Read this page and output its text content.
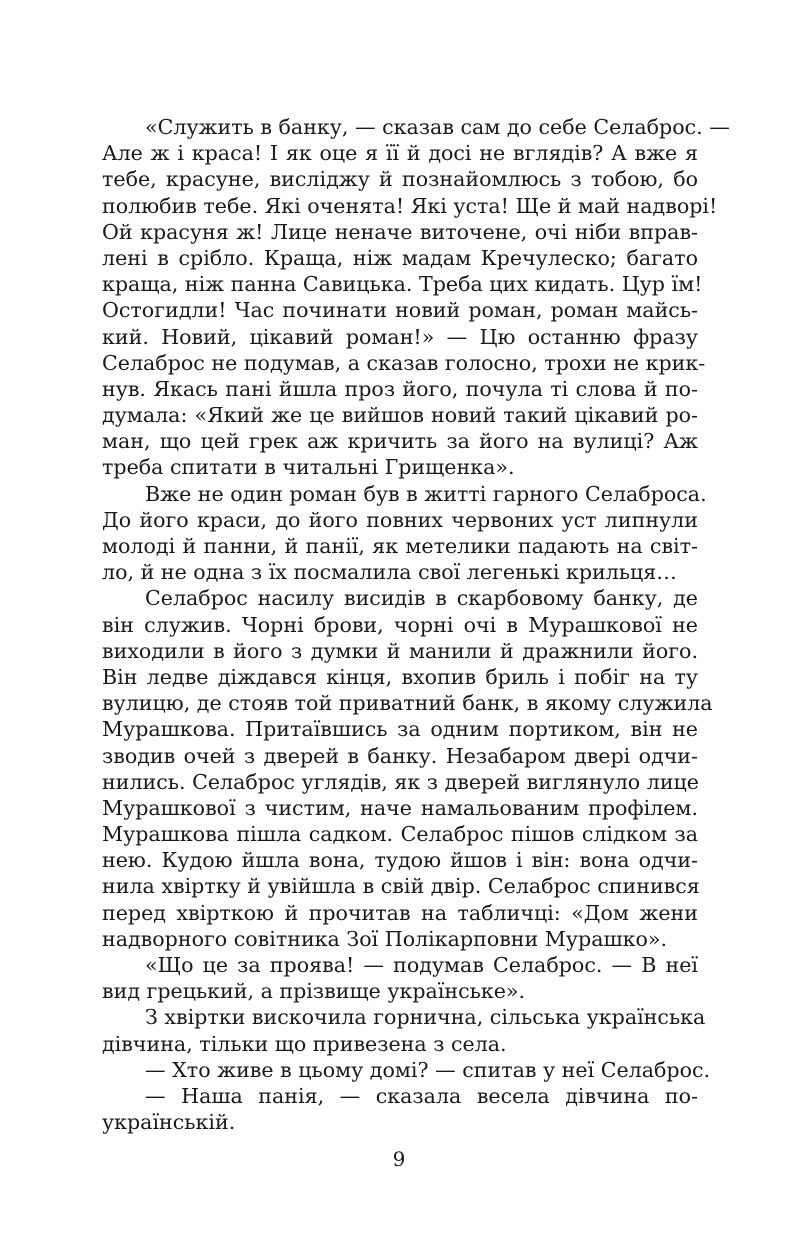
«Служить в банку, — сказав сам до себе Селаброс. —
Але ж і краса! І як оце я її й досі не вглядів? А вже я
тебе, красуне, висліджу й познайомлюсь з тобою, бо
полюбив тебе. Які оченята! Які уста! Ще й май надворі!
Ой красуня ж! Лице неначе виточене, очі ніби вправ-
лені в срібло. Краща, ніж мадам Кречулеско; багато
краща, ніж панна Савицька. Треба цих кидать. Цур їм!
Остогидли! Час починати новий роман, роман майсь-
кий. Новий, цікавий роман!» — Цю останню фразу
Селаброс не подумав, а сказав голосно, трохи не крик-
нув. Якась пані йшла проз його, почула ті слова й по-
думала: «Який же це вийшов новий такий цікавий ро-
ман, що цей грек аж кричить за його на вулиці? Аж
треба спитати в читальні Грищенка».
Вже не один роман був в житті гарного Селаброса.
До його краси, до його повних червоних уст липнули
молоді й панни, й панії, як метелики падають на світ-
ло, й не одна з їх посмалила свої легенькі крильця…
Селаброс насилу висидів в скарбовому банку, де
він служив. Чорні брови, чорні очі в Мурашкової не
виходили в його з думки й манили й дражнили його.
Він ледве діждався кінця, вхопив бриль і побіг на ту
вулицю, де стояв той приватний банк, в якому служила
Мурашкова. Притаївшись за одним портиком, він не
зводив очей з дверей в банку. Незабаром двері одчи-
нились. Селаброс углядів, як з дверей виглянуло лице
Мурашкової з чистим, наче намальованим профілем.
Мурашкова пішла садком. Селаброс пішов слідком за
нею. Кудою йшла вона, тудою йшов і він: вона одчи-
нила хвіртку й увійшла в свій двір. Селаброс спинився
перед хвірткою й прочитав на табличці: «Дом жени
надворного совітника Зої Полікарповни Мурашко».
«Що це за проява! — подумав Селаброс. — В неї
вид грецький, а прізвище українське».
З хвіртки вискочила горнична, сільська українська
дівчина, тільки що привезена з села.
— Хто живе в цьому домі? — спитав у неї Селаброс.
— Наша панія, — сказала весела дівчина по-
українській.
9
